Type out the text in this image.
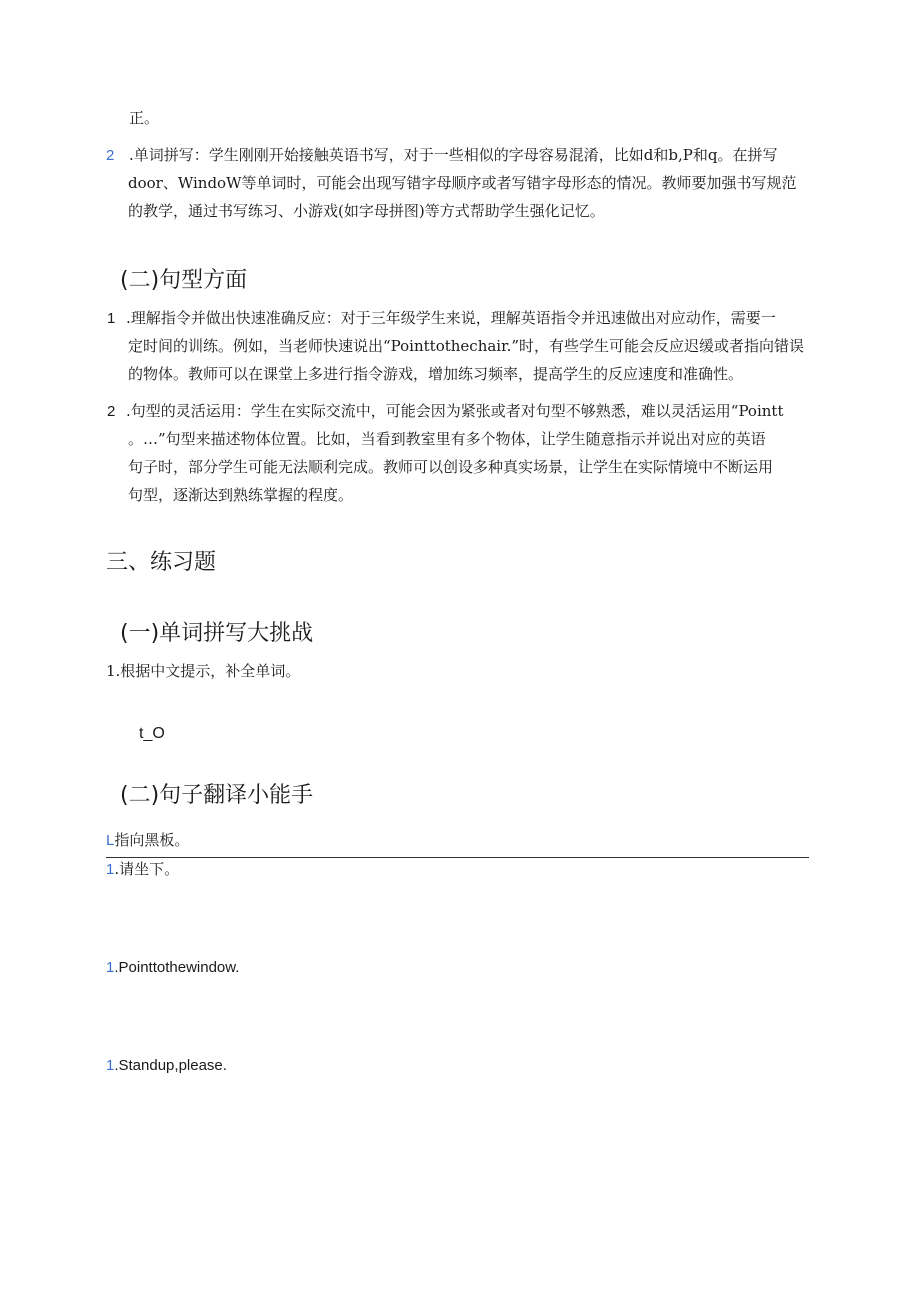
正。
2 .单词拼写：学生刚刚开始接触英语书写，对于一些相似的字母容易混淆，比如d和b,P和q。在拼写
door、WindoW等单词时，可能会出现写错字母顺序或者写错字母形态的情况。教师要加强书写规范
的教学，通过书写练习、小游戏(如字母拼图)等方式帮助学生强化记忆。
(二)句型方面
1 .理解指令并做出快速准确反应：对于三年级学生来说，理解英语指令并迅速做出对应动作，需要一
定时间的训练。例如，当老师快速说出“Pointtothechair.”时，有些学生可能会反应迟缓或者指向错误
的物体。教师可以在课堂上多进行指令游戏，增加练习频率，提高学生的反应速度和准确性。
2 .句型的灵活运用：学生在实际交流中，可能会因为紧张或者对句型不够熟悉，难以灵活运用“Pointt
。…”句型来描述物体位置。比如，当看到教室里有多个物体，让学生随意指示并说出对应的英语
句子时，部分学生可能无法顺利完成。教师可以创设多种真实场景，让学生在实际情境中不断运用
句型，逐渐达到熟练掌握的程度。
三、练习题
(一)单词拼写大挑战
1.根据中文提示，补全单词。
t_O
(二)句子翻译小能手
L指向黑板。
1.请坐下。
1.Pointtothewindow.
1.Standup,please.
